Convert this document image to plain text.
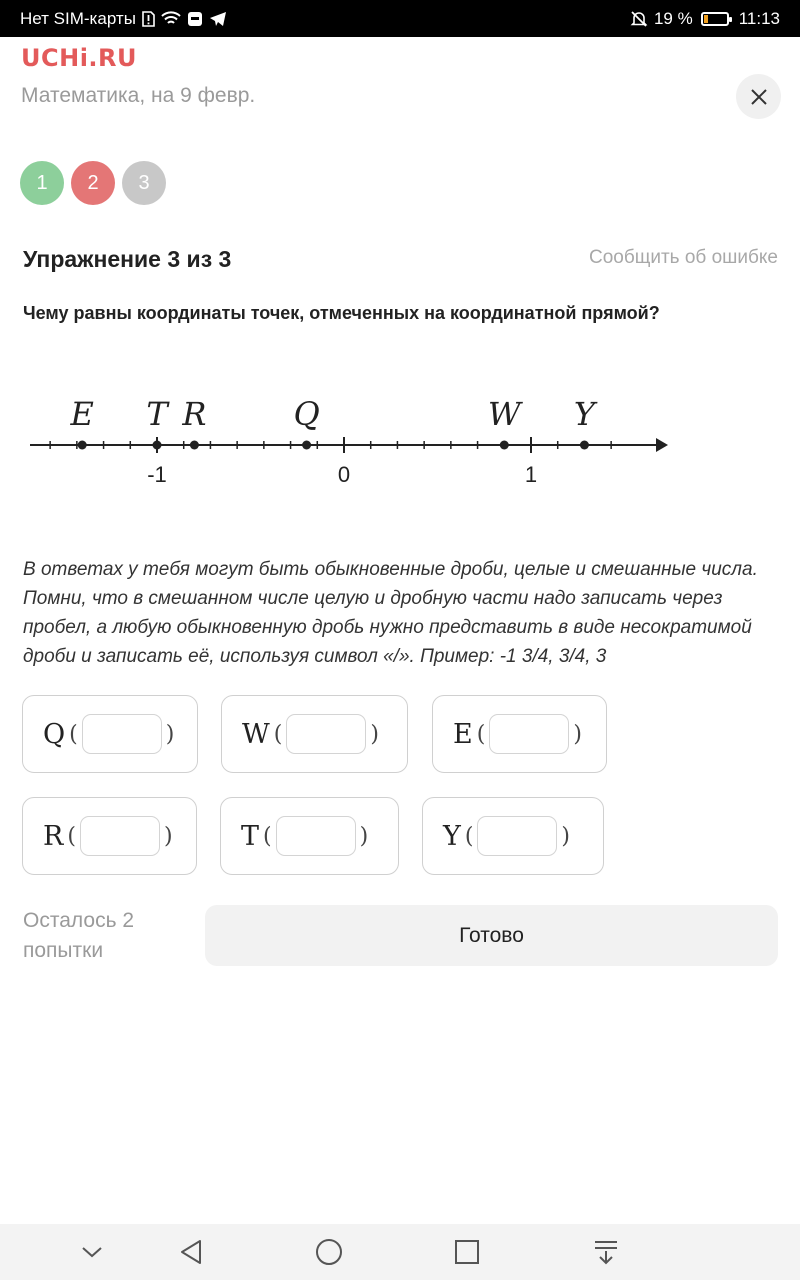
Нет SIM-карты	19 %	11:13
UCHi.RU
Математика, на 9 февр.
1	2	3
Упражнение 3 из 3	Сообщить об ошибке
Чему равны координаты точек, отмеченных на координатной прямой?
-1	0	1
E T R	Q	W Y
В ответах у тебя могут быть обыкновенные дроби, целые и смешанные числа. Помни, что в смешанном числе целую и дробную части надо записать через пробел, а любую обыкновенную дробь нужно представить в виде несократимой дроби и записать её, используя символ «/». Пример: -1 3/4, 3/4, 3
Q (	)	W (	)	E (	)
R (	)	T (	)	Y (	)
Осталось 2 попытки
Готово
